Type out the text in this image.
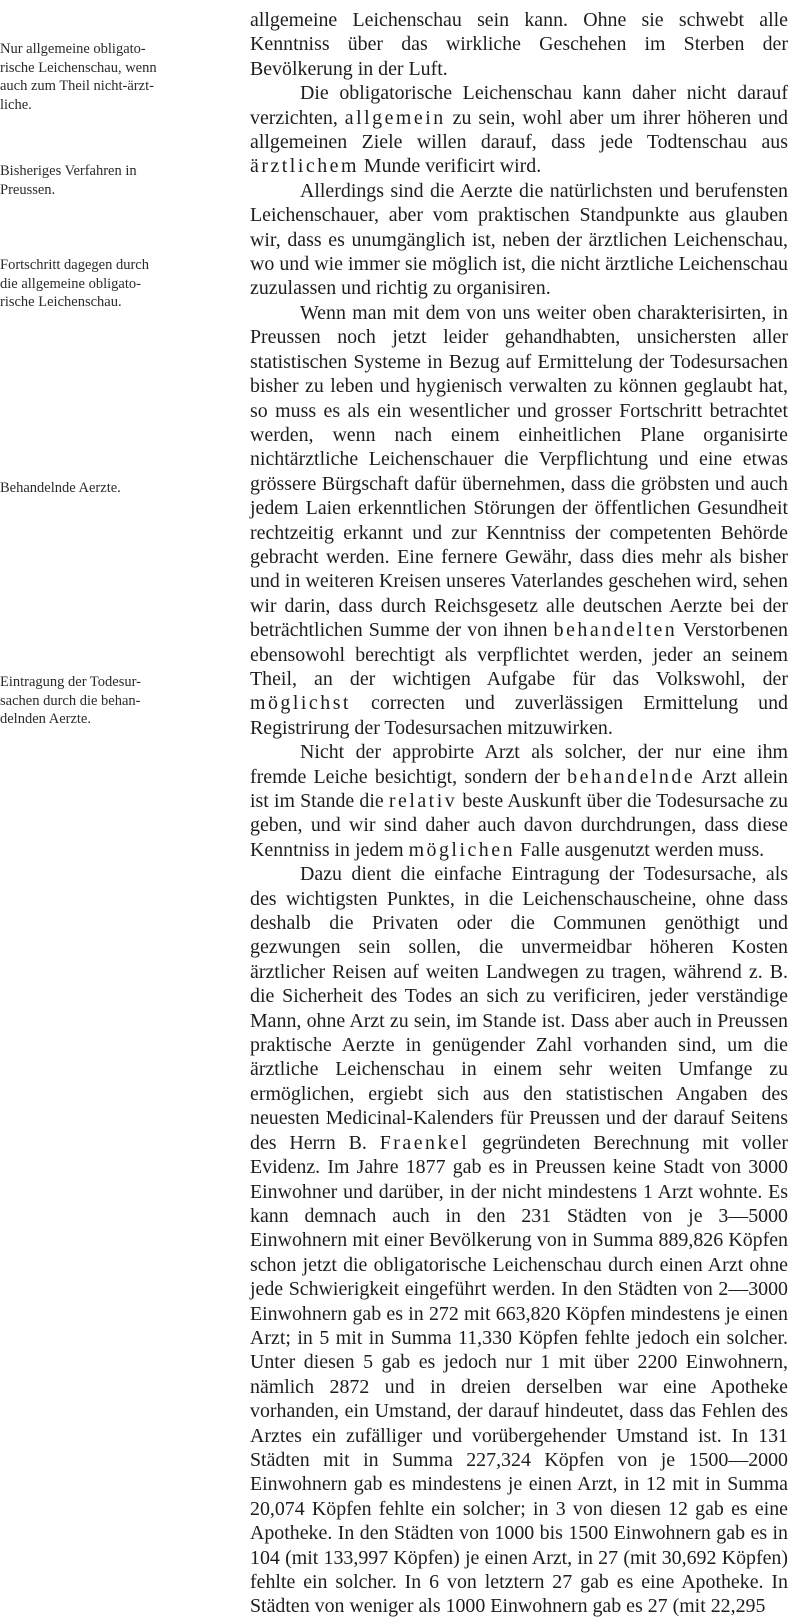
Nur allgemeine obligato-
rische Leichenschau, wenn
auch zum Theil nicht-ärzt-
liche.
Bisheriges Verfahren in
Preussen.
Fortschritt dagegen durch
die allgemeine obligato-
rische Leichenschau.
Behandelnde Aerzte.
Eintragung der Todesur-
sachen durch die behan-
delnden Aerzte.

allgemeine Leichenschau sein kann. Ohne sie schwebt alle Kenntniss über das wirkliche Geschehen im Sterben der Bevölkerung in der Luft.

Die obligatorische Leichenschau kann daher nicht darauf verzichten, allgemein zu sein, wohl aber um ihrer höheren und allgemeinen Ziele willen darauf, dass jede Todtenschau aus ärztlichem Munde verificirt wird.

Allerdings sind die Aerzte die natürlichsten und berufensten Leichenschauer, aber vom praktischen Standpunkte aus glauben wir, dass es unumgänglich ist, neben der ärztlichen Leichenschau, wo und wie immer sie möglich ist, die nicht ärztliche Leichenschau zuzulassen und richtig zu organisiren.

Wenn man mit dem von uns weiter oben charakterisirten, in Preussen noch jetzt leider gehandhabten, unsichersten aller statistischen Systeme in Bezug auf Ermittelung der Todesursachen bisher zu leben und hygienisch verwalten zu können geglaubt hat, so muss es als ein wesentlicher und grosser Fortschritt betrachtet werden, wenn nach einem einheitlichen Plane organisirte nichtärztliche Leichenschauer die Verpflichtung und eine etwas grössere Bürgschaft dafür übernehmen, dass die gröbsten und auch jedem Laien erkenntlichen Störungen der öffentlichen Gesundheit rechtzeitig erkannt und zur Kenntniss der competenten Behörde gebracht werden. Eine fernere Gewähr, dass dies mehr als bisher und in weiteren Kreisen unseres Vaterlandes geschehen wird, sehen wir darin, dass durch Reichsgesetz alle deutschen Aerzte bei der beträchtlichen Summe der von ihnen behandelten Verstorbenen ebensowohl berechtigt als verpflichtet werden, jeder an seinem Theil, an der wichtigen Aufgabe für das Volkswohl, der möglichst correcten und zuverlässigen Ermittelung und Registrirung der Todesursachen mitzuwirken.

Nicht der approbirte Arzt als solcher, der nur eine ihm fremde Leiche besichtigt, sondern der behandelnde Arzt allein ist im Stande die relativ beste Auskunft über die Todesursache zu geben, und wir sind daher auch davon durchdrungen, dass diese Kenntniss in jedem möglichen Falle ausgenutzt werden muss.

Dazu dient die einfache Eintragung der Todesursache, als des wichtigsten Punktes, in die Leichenschauscheine, ohne dass deshalb die Privaten oder die Communen genöthigt und gezwungen sein sollen, die unvermeidbar höheren Kosten ärztlicher Reisen auf weiten Landwegen zu tragen, während z. B. die Sicherheit des Todes an sich zu verificiren, jeder verständige Mann, ohne Arzt zu sein, im Stande ist. Dass aber auch in Preussen praktische Aerzte in genügender Zahl vorhanden sind, um die ärztliche Leichenschau in einem sehr weiten Umfange zu ermöglichen, ergiebt sich aus den statistischen Angaben des neuesten Medicinal-Kalenders für Preussen und der darauf Seitens des Herrn B. Fraenkel gegründeten Berechnung mit voller Evidenz. Im Jahre 1877 gab es in Preussen keine Stadt von 3000 Einwohner und darüber, in der nicht mindestens 1 Arzt wohnte. Es kann demnach auch in den 231 Städten von je 3—5000 Einwohnern mit einer Bevölkerung von in Summa 889,826 Köpfen schon jetzt die obligatorische Leichenschau durch einen Arzt ohne jede Schwierigkeit eingeführt werden. In den Städten von 2—3000 Einwohnern gab es in 272 mit 663,820 Köpfen mindestens je einen Arzt; in 5 mit in Summa 11,330 Köpfen fehlte jedoch ein solcher. Unter diesen 5 gab es jedoch nur 1 mit über 2200 Einwohnern, nämlich 2872 und in dreien derselben war eine Apotheke vorhanden, ein Umstand, der darauf hindeutet, dass das Fehlen des Arztes ein zufälliger und vorübergehender Umstand ist. In 131 Städten mit in Summa 227,324 Köpfen von je 1500—2000 Einwohnern gab es mindestens je einen Arzt, in 12 mit in Summa 20,074 Köpfen fehlte ein solcher; in 3 von diesen 12 gab es eine Apotheke. In den Städten von 1000 bis 1500 Einwohnern gab es in 104 (mit 133,997 Köpfen) je einen Arzt, in 27 (mit 30,692 Köpfen) fehlte ein solcher. In 6 von letztern 27 gab es eine Apotheke. In Städten von weniger als 1000 Einwohnern gab es 27 (mit 22,295
